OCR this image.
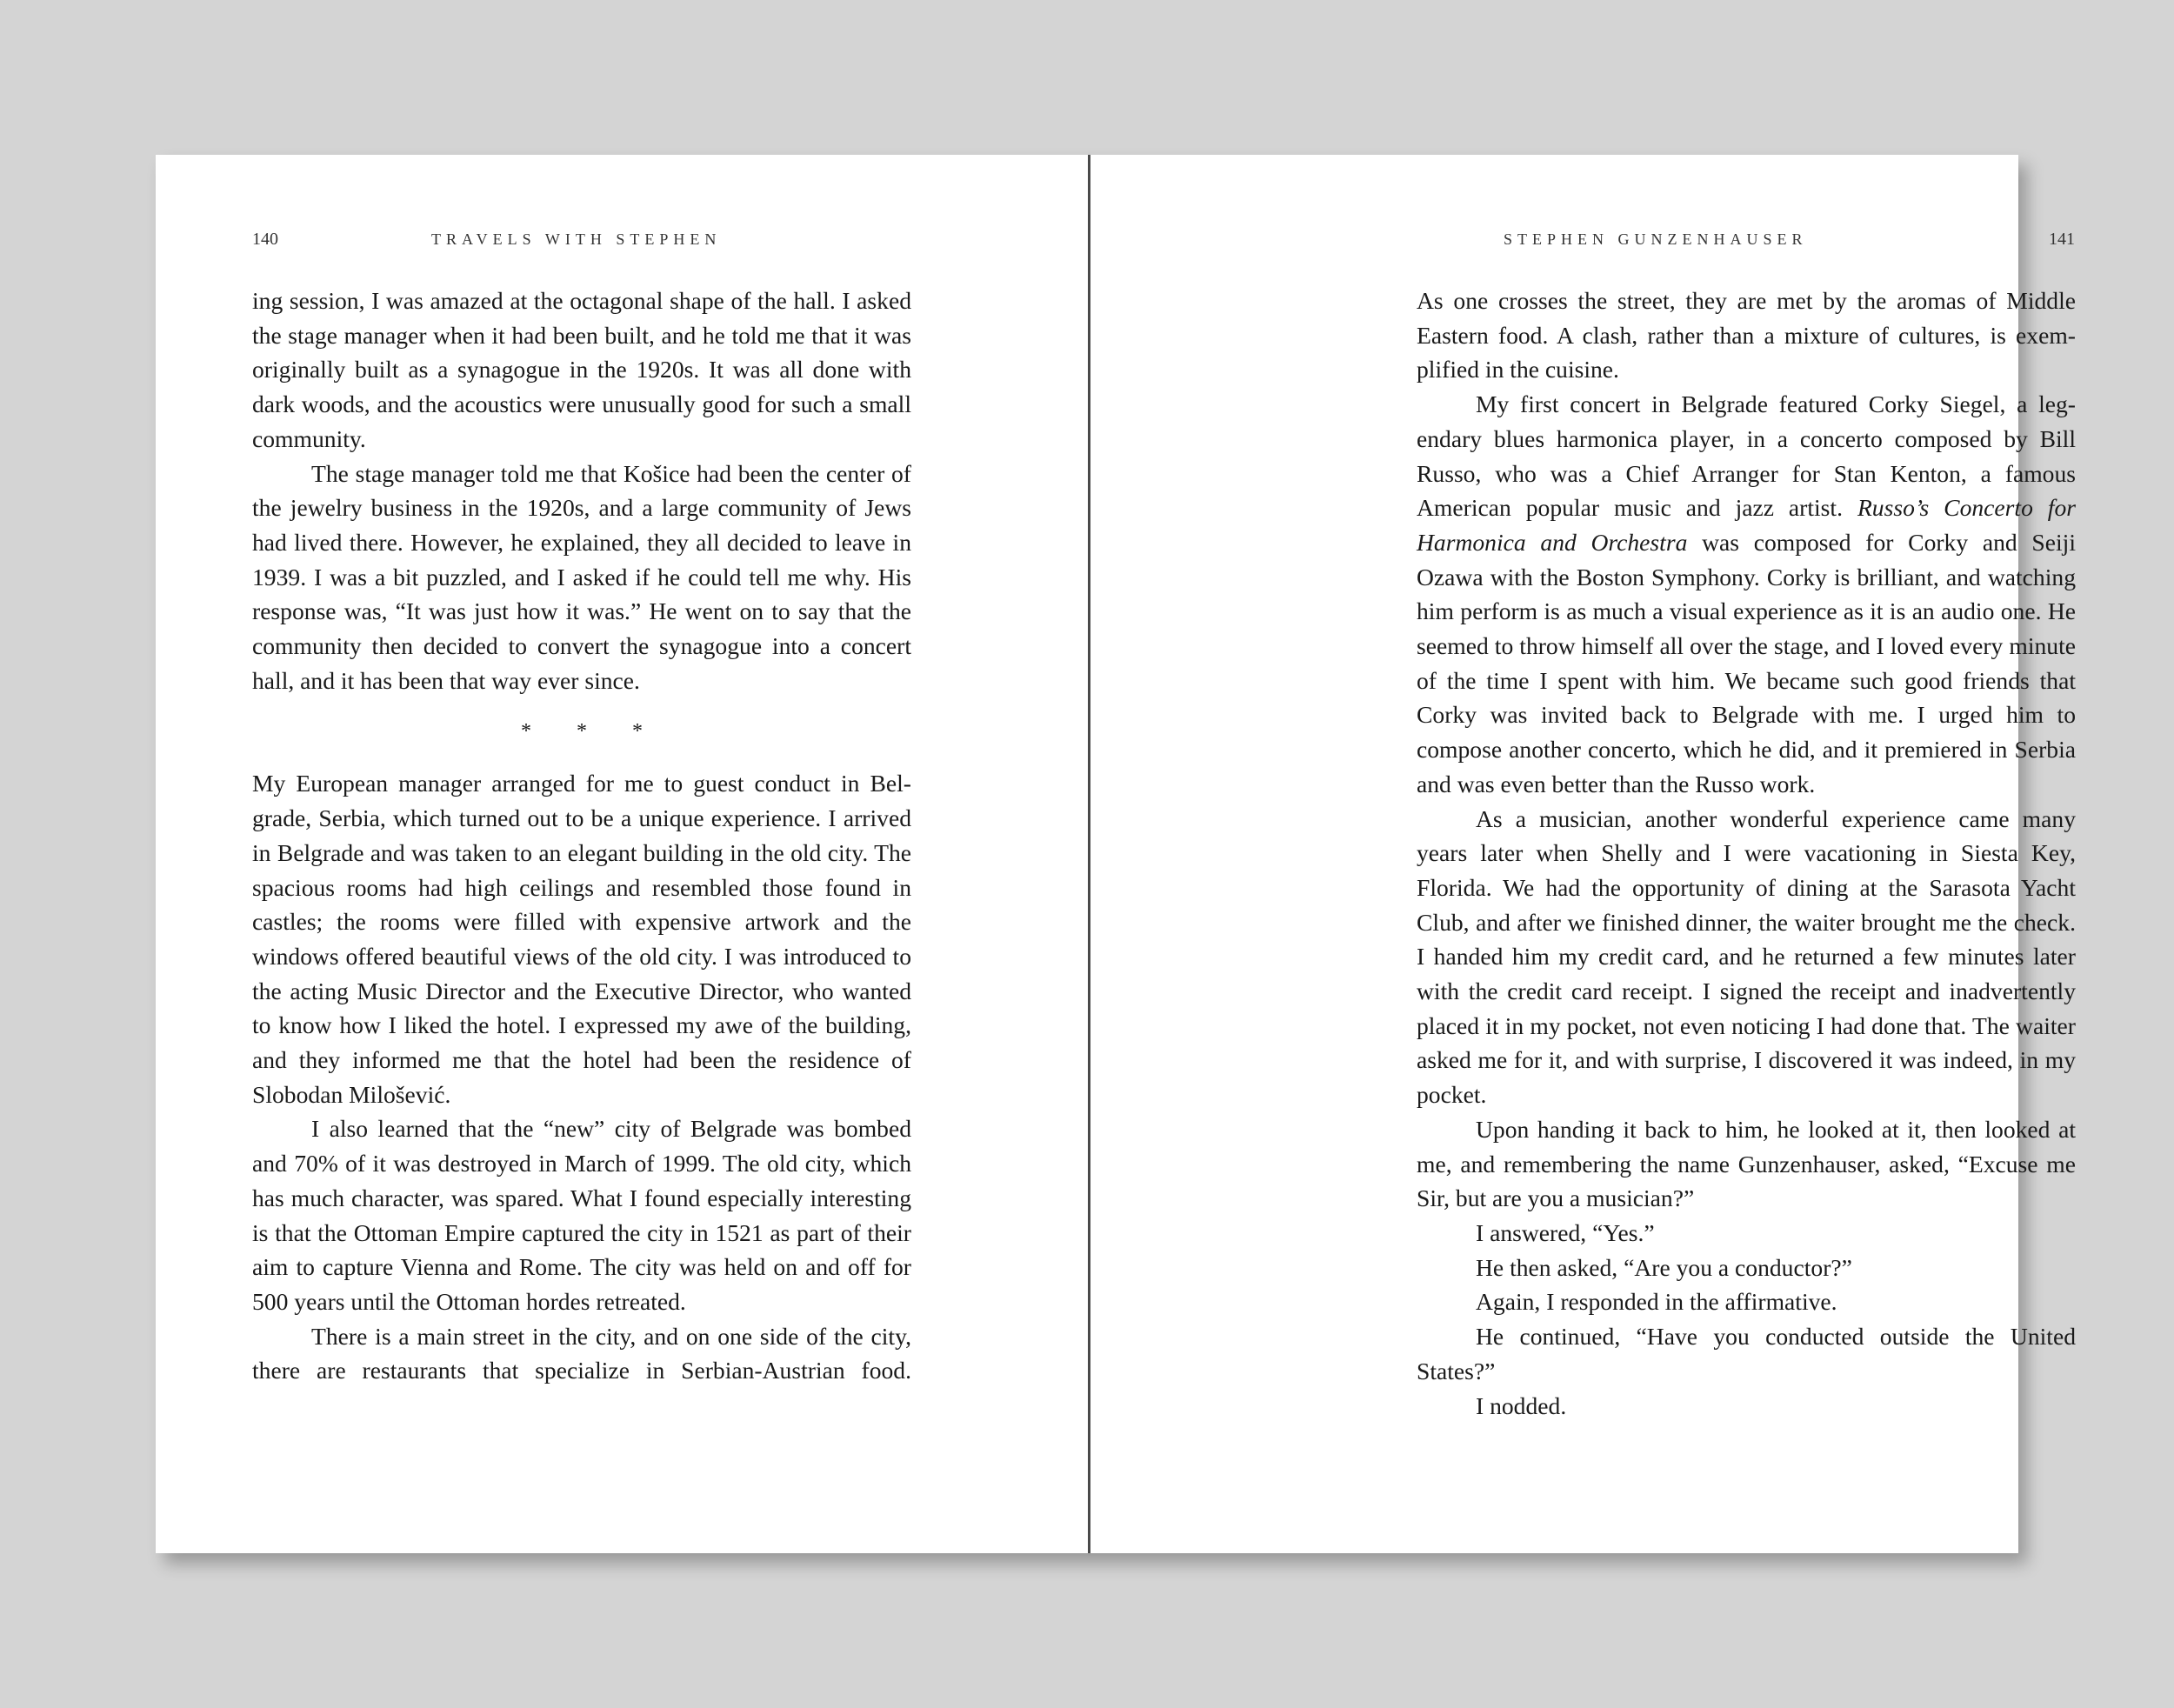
140	TRAVELS WITH STEPHEN

ing session, I was amazed at the octagonal shape of the hall. I asked the stage manager when it had been built, and he told me that it was originally built as a synagogue in the 1920s. It was all done with dark woods, and the acoustics were unusually good for such a small community.

The stage manager told me that Košice had been the center of the jewelry business in the 1920s, and a large community of Jews had lived there. However, he explained, they all decided to leave in 1939. I was a bit puzzled, and I asked if he could tell me why. His response was, “It was just how it was.” He went on to say that the community then decided to convert the synagogue into a concert hall, and it has been that way ever since.

* * *

My European manager arranged for me to guest conduct in Belgrade, Serbia, which turned out to be a unique experience. I arrived in Belgrade and was taken to an elegant building in the old city. The spacious rooms had high ceilings and resembled those found in castles; the rooms were filled with expensive artwork and the windows offered beautiful views of the old city. I was introduced to the acting Music Director and the Executive Director, who wanted to know how I liked the hotel. I expressed my awe of the building, and they informed me that the hotel had been the residence of Slobodan Milošević.

I also learned that the “new” city of Belgrade was bombed and 70% of it was destroyed in March of 1999. The old city, which has much character, was spared. What I found especially interesting is that the Ottoman Empire captured the city in 1521 as part of their aim to capture Vienna and Rome. The city was held on and off for 500 years until the Ottoman hordes retreated.

There is a main street in the city, and on one side of the city, there are restaurants that specialize in Serbian-Austrian food.

STEPHEN GUNZENHAUSER	141

As one crosses the street, they are met by the aromas of Middle Eastern food. A clash, rather than a mixture of cultures, is exemplified in the cuisine.

My first concert in Belgrade featured Corky Siegel, a legendary blues harmonica player, in a concerto composed by Bill Russo, who was a Chief Arranger for Stan Kenton, a famous American popular music and jazz artist. Russo’s Concerto for Harmonica and Orchestra was composed for Corky and Seiji Ozawa with the Boston Symphony. Corky is brilliant, and watching him perform is as much a visual experience as it is an audio one. He seemed to throw himself all over the stage, and I loved every minute of the time I spent with him. We became such good friends that Corky was invited back to Belgrade with me. I urged him to compose another concerto, which he did, and it premiered in Serbia and was even better than the Russo work.

As a musician, another wonderful experience came many years later when Shelly and I were vacationing in Siesta Key, Florida. We had the opportunity of dining at the Sarasota Yacht Club, and after we finished dinner, the waiter brought me the check. I handed him my credit card, and he returned a few minutes later with the credit card receipt. I signed the receipt and inadvertently placed it in my pocket, not even noticing I had done that. The waiter asked me for it, and with surprise, I discovered it was indeed, in my pocket.

Upon handing it back to him, he looked at it, then looked at me, and remembering the name Gunzenhauser, asked, “Excuse me Sir, but are you a musician?”

I answered, “Yes.”

He then asked, “Are you a conductor?”

Again, I responded in the affirmative.

He continued, “Have you conducted outside the United States?”

I nodded.
